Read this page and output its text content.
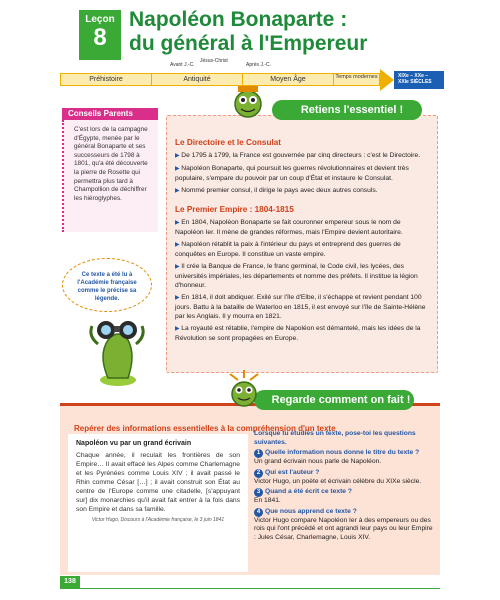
Leçon
8
Napoléon Bonaparte :
du général à l'Empereur
Avant J.-C.
Jésus-Christ
Après J.-C.
Préhistoire	Antiquité	Moyen Âge	Temps modernes	XIXe – XXe – XXIe SIÈCLES
Conseils Parents
C'est lors de la campagne d'Égypte, menée par le général Bonaparte et ses successeurs de 1798 à 1801, qu'a été découverte la pierre de Rosette qui permettra plus tard à Champollion de déchiffrer les hiéroglyphes.
Ce texte a été lu à l'Académie française comme le précise sa légende.
Le Directoire et le Consulat

▶ De 1795 à 1799, la France est gouvernée par cinq directeurs : c'est le Directoire.

▶ Napoléon Bonaparte, qui poursuit les guerres révolutionnaires et devient très populaire, s'empare du pouvoir par un coup d'État et instaure le Consulat.

▶ Nommé premier consul, il dirige le pays avec deux autres consuls.

Le Premier Empire : 1804-1815

▶ En 1804, Napoléon Bonaparte se fait couronner empereur sous le nom de Napoléon Ier. Il mène de grandes réformes, mais l'Empire devient autoritaire.

▶ Napoléon rétablit la paix à l'intérieur du pays et entreprend des guerres de conquêtes en Europe. Il constitue un vaste empire.

▶ Il crée la Banque de France, le franc germinal, le Code civil, les lycées, des universités impériales, les départements et nomme des préfets. Il institue la légion d'honneur.

▶ En 1814, il doit abdiquer. Exilé sur l'île d'Elbe, il s'échappe et revient pendant 100 jours. Battu à la bataille de Waterloo en 1815, il est envoyé sur l'île de Sainte-Hélène par les Anglais. Il y mourra en 1821.

▶ La royauté est rétablie, l'empire de Napoléon est démantelé, mais les idées de la Révolution se sont propagées en Europe.

Retiens l'essentiel !
Repérer des informations essentielles à la compréhension d'un texte
Napoléon vu par un grand écrivain
Chaque année, il reculait les frontières de son Empire… Il avait effacé les Alpes comme Charlemagne et les Pyrénées comme Louis XIV ; il avait passé le Rhin comme César […] ; il avait construit son État au centre de l'Europe comme une citadelle, [s'appuyant sur] dix monarchies qu'il avait fait entrer à la fois dans son Empire et dans sa famille.
Victor Hugo, Discours à l'Académie française, le 3 juin 1841
Lorsque tu étudies un texte, pose-toi les questions suivantes.
1 Quelle information nous donne le titre du texte ?
Un grand écrivain nous parle de Napoléon.
2 Qui est l'auteur ?
Victor Hugo, un poète et écrivain célèbre du XIXe siècle.
3 Quand a été écrit ce texte ?
En 1841.
4 Que nous apprend ce texte ?
Victor Hugo compare Napoléon Ier à des empereurs ou des rois qui l'ont précédé et ont agrandi leur pays ou leur Empire : Jules César, Charlemagne, Louis XIV.
Regarde comment on fait !
138
